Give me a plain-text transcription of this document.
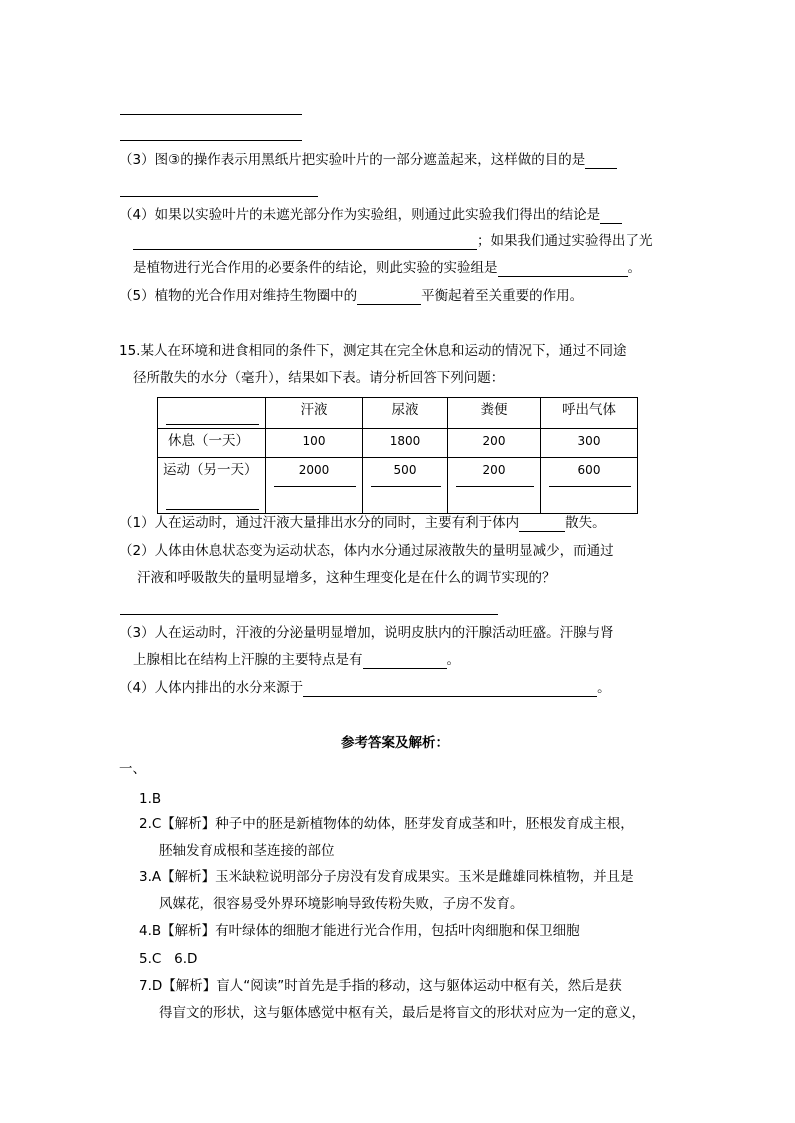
（3）图③的操作表示用黑纸片把实验叶片的一部分遮盖起来，这样做的目的是
（4）如果以实验叶片的未遮光部分作为实验组，则通过此实验我们得出的结论是
；如果我们通过实验得出了光
是植物进行光合作用的必要条件的结论，则此实验的实验组是	。
（5）植物的光合作用对维持生物圈中的	平衡起着至关重要的作用。
15.某人在环境和进食相同的条件下，测定其在完全休息和运动的情况下，通过不同途
径所散失的水分（毫升），结果如下表。请分析回答下列问题：
	汗液	尿液	粪便	呼出气体
休息（一天）	100	1800	200	300
运动（另一天）	2000	500	200	600
（1）人在运动时，通过汗液大量排出水分的同时，主要有利于体内	散失。
（2）人体由休息状态变为运动状态，体内水分通过尿液散失的量明显减少，而通过
汗液和呼吸散失的量明显增多，这种生理变化是在什么的调节实现的？
（3）人在运动时，汗液的分泌量明显增加，说明皮肤内的汗腺活动旺盛。汗腺与肾
上腺相比在结构上汗腺的主要特点是有	。
（4）人体内排出的水分来源于	。
参考答案及解析：
一、
1.B
2.C【解析】种子中的胚是新植物体的幼体，胚芽发育成茎和叶，胚根发育成主根，
胚轴发育成根和茎连接的部位
3.A【解析】玉米缺粒说明部分子房没有发育成果实。玉米是雌雄同株植物，并且是
风媒花，很容易受外界环境影响导致传粉失败，子房不发育。
4.B【解析】有叶绿体的细胞才能进行光合作用，包括叶肉细胞和保卫细胞
5.C   6.D
7.D【解析】盲人“阅读”时首先是手指的移动，这与躯体运动中枢有关，然后是获
得盲文的形状，这与躯体感觉中枢有关，最后是将盲文的形状对应为一定的意义，
